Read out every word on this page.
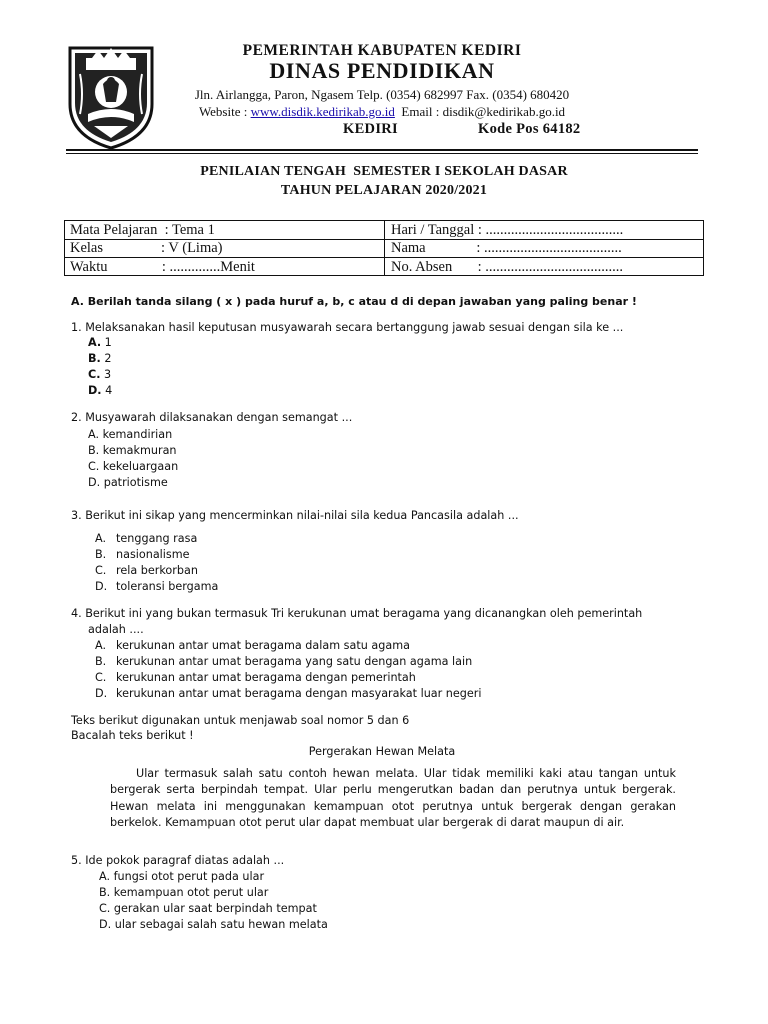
PEMERINTAH KABUPATEN KEDIRI
DINAS PENDIDIKAN
Jln. Airlangga, Paron, Ngasem Telp. (0354) 682997 Fax. (0354) 680420
Website : www.disdik.kedirikab.go.id  Email : disdik@kedirikab.go.id
KEDIRI	Kode Pos 64182
PENILAIAN TENGAH  SEMESTER I SEKOLAH DASAR
TAHUN PELAJARAN 2020/2021
Mata Pelajaran  : Tema 1
Kelas                : V (Lima)
Waktu               : ..............Menit
Hari / Tanggal : ......................................
Nama              : ......................................
No. Absen       : ......................................
A. Berilah tanda silang ( x ) pada huruf a, b, c atau d di depan jawaban yang paling benar !
1. Melaksanakan hasil keputusan musyawarah secara bertanggung jawab sesuai dengan sila ke ...
A. 1
B. 2
C. 3
D. 4
2. Musyawarah dilaksanakan dengan semangat ...
A. kemandirian
B. kemakmuran
C. kekeluargaan
D. patriotisme
3. Berikut ini sikap yang mencerminkan nilai-nilai sila kedua Pancasila adalah ...
A. tenggang rasa
B. nasionalisme
C. rela berkorban
D. toleransi bergama
4. Berikut ini yang bukan termasuk Tri kerukunan umat beragama yang dicanangkan oleh pemerintah
adalah ....
A. kerukunan antar umat beragama dalam satu agama
B. kerukunan antar umat beragama yang satu dengan agama lain
C. kerukunan antar umat beragama dengan pemerintah
D. kerukunan antar umat beragama dengan masyarakat luar negeri
Teks berikut digunakan untuk menjawab soal nomor 5 dan 6
Bacalah teks berikut !
Pergerakan Hewan Melata
Ular termasuk salah satu contoh hewan melata. Ular tidak memiliki kaki atau tangan untuk bergerak serta berpindah tempat. Ular perlu mengerutkan badan dan perutnya untuk bergerak. Hewan melata ini menggunakan kemampuan otot perutnya untuk bergerak dengan gerakan berkelok. Kemampuan otot perut ular dapat membuat ular bergerak di darat maupun di air.
5. Ide pokok paragraf diatas adalah ...
A. fungsi otot perut pada ular
B. kemampuan otot perut ular
C. gerakan ular saat berpindah tempat
D. ular sebagai salah satu hewan melata
